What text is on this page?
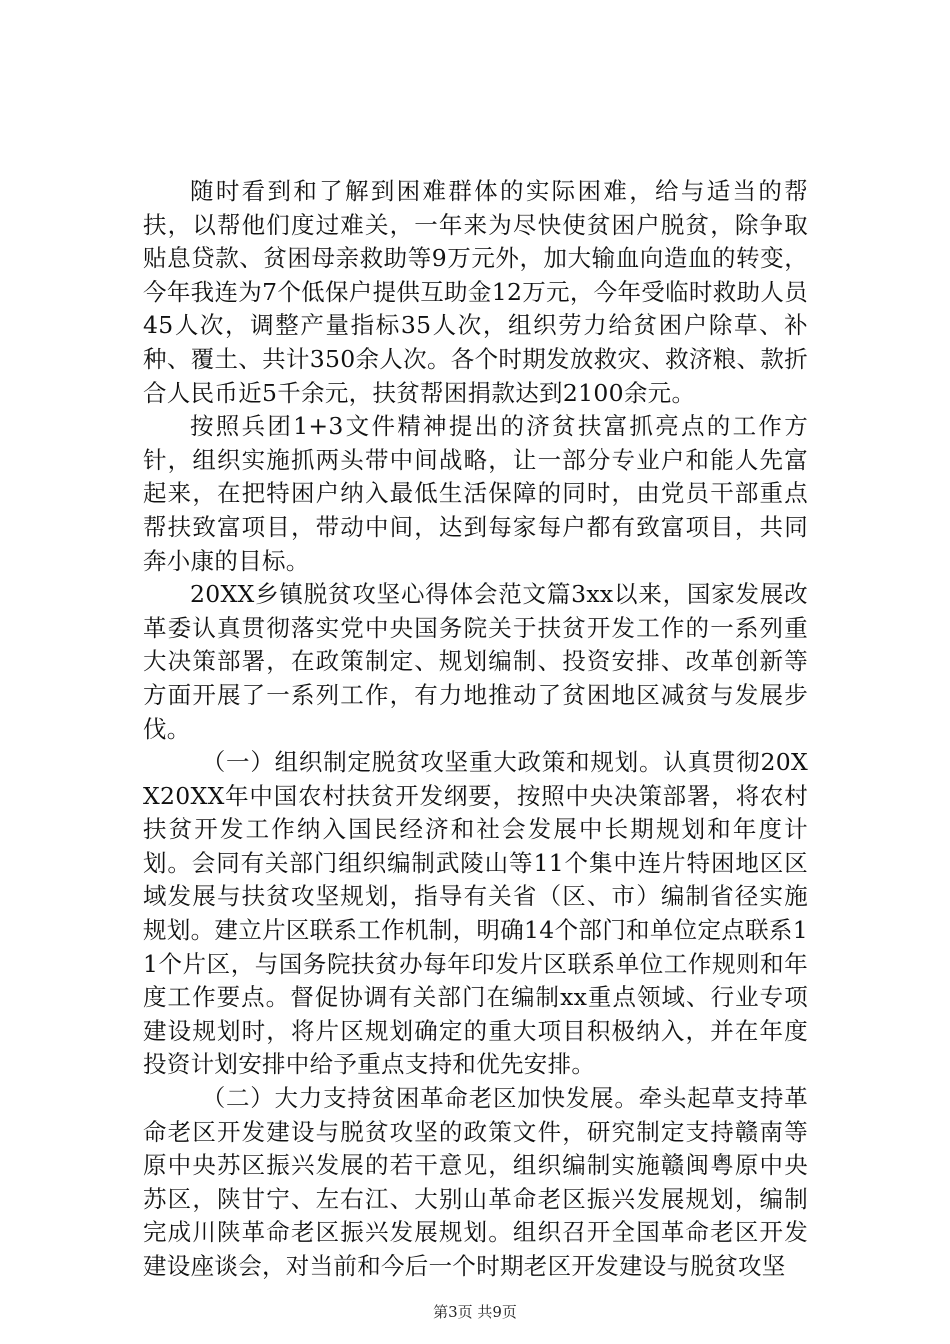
随时看到和了解到困难群体的实际困难，给与适当的帮扶，以帮他们度过难关，一年来为尽快使贫困户脱贫，除争取贴息贷款、贫困母亲救助等9万元外，加大输血向造血的转变，今年我连为7个低保户提供互助金12万元，今年受临时救助人员45人次，调整产量指标35人次，组织劳力给贫困户除草、补种、覆土、共计350余人次。各个时期发放救灾、救济粮、款折合人民币近5千余元，扶贫帮困捐款达到2100余元。

按照兵团1+3文件精神提出的济贫扶富抓亮点的工作方针，组织实施抓两头带中间战略，让一部分专业户和能人先富起来，在把特困户纳入最低生活保障的同时，由党员干部重点帮扶致富项目，带动中间，达到每家每户都有致富项目，共同奔小康的目标。

20XX乡镇脱贫攻坚心得体会范文篇3xx以来，国家发展改革委认真贯彻落实党中央国务院关于扶贫开发工作的一系列重大决策部署，在政策制定、规划编制、投资安排、改革创新等方面开展了一系列工作，有力地推动了贫困地区减贫与发展步伐。

（一）组织制定脱贫攻坚重大政策和规划。认真贯彻20XX20XX年中国农村扶贫开发纲要，按照中央决策部署，将农村扶贫开发工作纳入国民经济和社会发展中长期规划和年度计划。会同有关部门组织编制武陵山等11个集中连片特困地区区域发展与扶贫攻坚规划，指导有关省（区、市）编制省径实施规划。建立片区联系工作机制，明确14个部门和单位定点联系11个片区，与国务院扶贫办每年印发片区联系单位工作规则和年度工作要点。督促协调有关部门在编制xx重点领域、行业专项建设规划时，将片区规划确定的重大项目积极纳入，并在年度投资计划安排中给予重点支持和优先安排。

（二）大力支持贫困革命老区加快发展。牵头起草支持革命老区开发建设与脱贫攻坚的政策文件，研究制定支持赣南等原中央苏区振兴发展的若干意见，组织编制实施赣闽粤原中央苏区，陕甘宁、左右江、大别山革命老区振兴发展规划，编制完成川陕革命老区振兴发展规划。组织召开全国革命老区开发建设座谈会，对当前和今后一个时期老区开发建设与脱贫攻坚

第3页 共9页
